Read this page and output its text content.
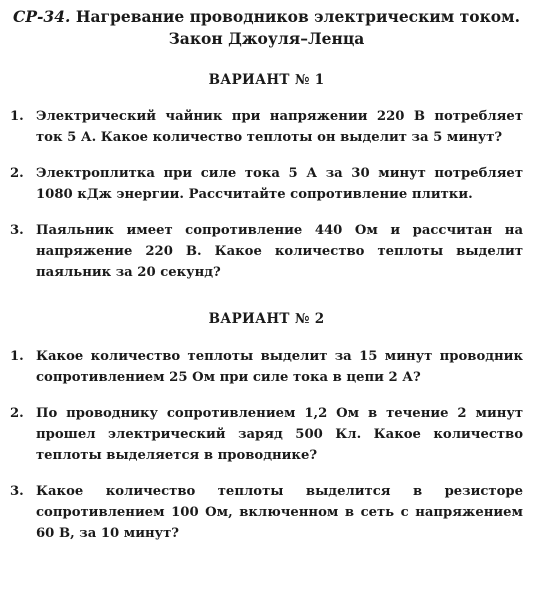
СР-34. Нагревание проводников электрическим током.
Закон Джоуля–Ленца
ВАРИАНТ № 1
1. Электрический чайник при напряжении 220 В потребляет ток 5 А. Какое количество теплоты он выделит за 5 минут?
2. Электроплитка при силе тока 5 А за 30 минут потребляет 1080 кДж энергии. Рассчитайте сопротивление плитки.
3. Паяльник имеет сопротивление 440 Ом и рассчитан на напряжение 220 В. Какое количество теплоты выделит паяльник за 20 секунд?
ВАРИАНТ № 2
1. Какое количество теплоты выделит за 15 минут проводник сопротивлением 25 Ом при силе тока в цепи 2 А?
2. По проводнику сопротивлением 1,2 Ом в течение 2 минут прошел электрический заряд 500 Кл. Какое количество теплоты выделяется в проводнике?
3. Какое количество теплоты выделится в резисторе сопротивлением 100 Ом, включенном в сеть с напряжением 60 В, за 10 минут?
